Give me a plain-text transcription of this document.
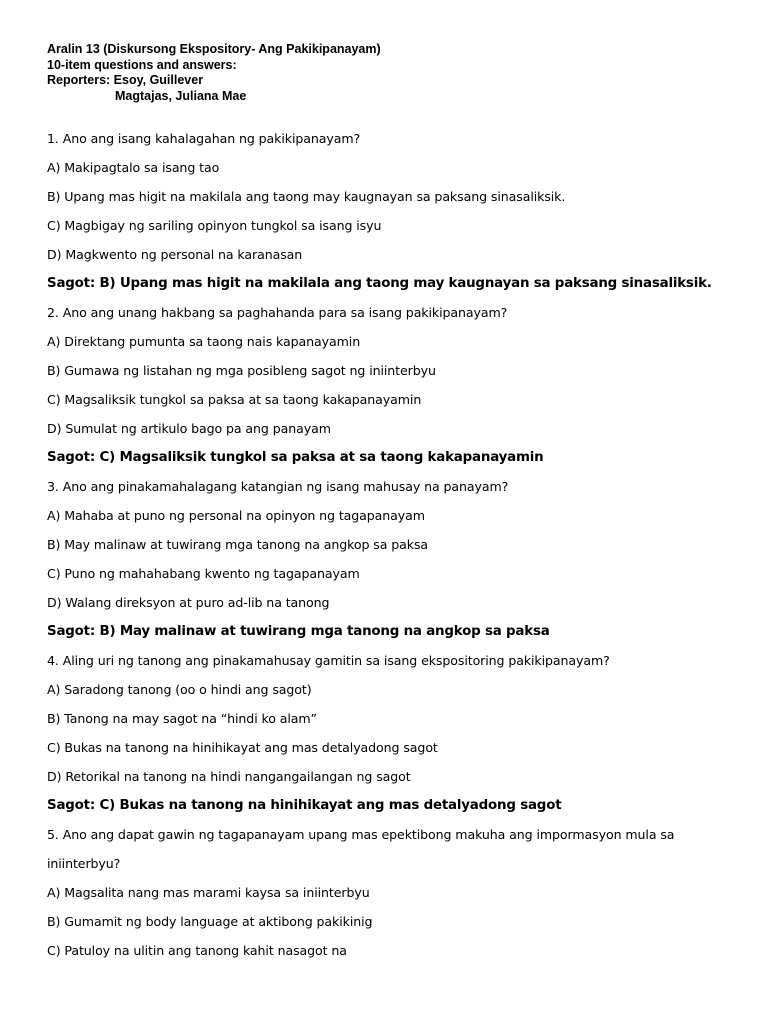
Aralin 13 (Diskursong Ekspository- Ang Pakikipanayam)
10-item questions and answers:
Reporters: Esoy, Guillever
Magtajas, Juliana Mae
1. Ano ang isang kahalagahan ng pakikipanayam?
A) Makipagtalo sa isang tao
B) Upang mas higit na makilala ang taong may kaugnayan sa paksang sinasaliksik.
C) Magbigay ng sariling opinyon tungkol sa isang isyu
D) Magkwento ng personal na karanasan
Sagot: B) Upang mas higit na makilala ang taong may kaugnayan sa paksang sinasaliksik.
2. Ano ang unang hakbang sa paghahanda para sa isang pakikipanayam?
A) Direktang pumunta sa taong nais kapanayamin
B) Gumawa ng listahan ng mga posibleng sagot ng iniinterbyu
C) Magsaliksik tungkol sa paksa at sa taong kakapanayamin
D) Sumulat ng artikulo bago pa ang panayam
Sagot: C) Magsaliksik tungkol sa paksa at sa taong kakapanayamin
3. Ano ang pinakamahalagang katangian ng isang mahusay na panayam?
A) Mahaba at puno ng personal na opinyon ng tagapanayam
B) May malinaw at tuwirang mga tanong na angkop sa paksa
C) Puno ng mahahabang kwento ng tagapanayam
D) Walang direksyon at puro ad-lib na tanong
Sagot: B) May malinaw at tuwirang mga tanong na angkop sa paksa
4. Aling uri ng tanong ang pinakamahusay gamitin sa isang ekspositoring pakikipanayam?
A) Saradong tanong (oo o hindi ang sagot)
B) Tanong na may sagot na “hindi ko alam”
C) Bukas na tanong na hinihikayat ang mas detalyadong sagot
D) Retorikal na tanong na hindi nangangailangan ng sagot
Sagot: C) Bukas na tanong na hinihikayat ang mas detalyadong sagot
5. Ano ang dapat gawin ng tagapanayam upang mas epektibong makuha ang impormasyon mula sa
iniinterbyu?
A) Magsalita nang mas marami kaysa sa iniinterbyu
B) Gumamit ng body language at aktibong pakikinig
C) Patuloy na ulitin ang tanong kahit nasagot na
